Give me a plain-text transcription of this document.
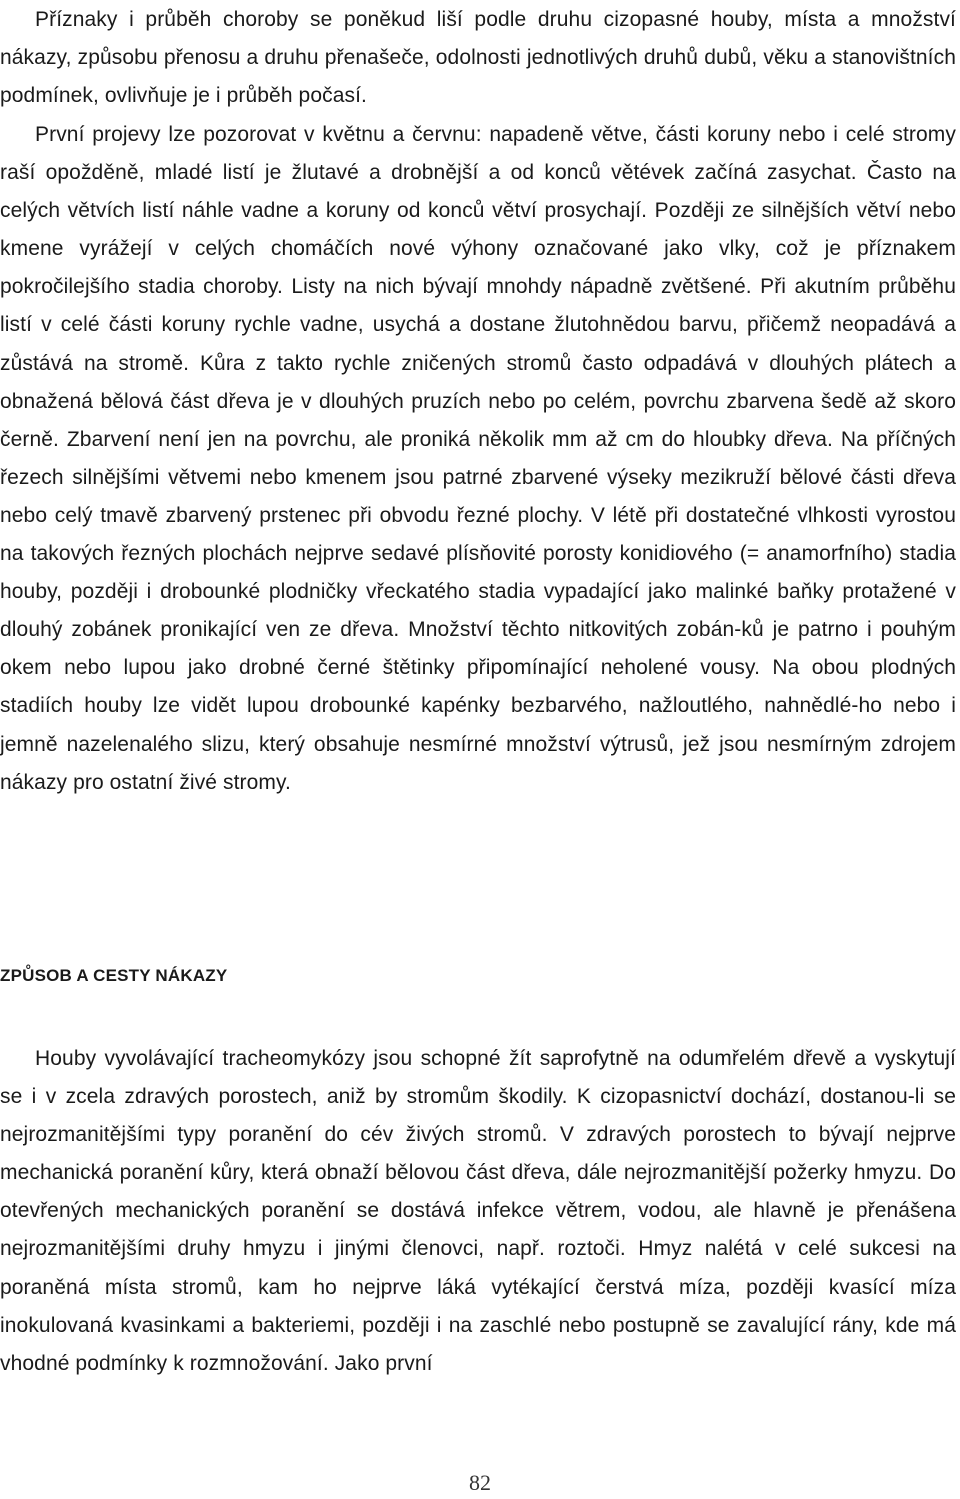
Příznaky i průběh choroby se poněkud liší podle druhu cizopasné houby, místa a množství nákazy, způsobu přenosu a druhu přenašeče, odolnosti jednotlivých druhů dubů, věku a stanovištních podmínek, ovlivňuje je i průběh počasí.

První projevy lze pozorovat v květnu a červnu: napadeně větve, části koruny nebo i celé stromy raší opožděně, mladé listí je žlutavé a drobnější a od konců větévek začíná zasychat. Často na celých větvích listí náhle vadne a koruny od konců větví prosychají. Později ze silnějších větví nebo kmene vyrážejí v celých chomáčích nové výhony označované jako vlky, což je příznakem pokročilejšího stadia choroby. Listy na nich bývají mnohdy nápadně zvětšené. Při akutním průběhu listí v celé části koruny rychle vadne, usychá a dostane žlutohnědou barvu, přičemž neopadává a zůstává na stromě. Kůra z takto rychle zničených stromů často odpadává v dlouhých plátech a obnažená bělová část dřeva je v dlouhých pruzích nebo po celém, povrchu zbarvena šedě až skoro černě. Zbarvení není jen na povrchu, ale proniká několik mm až cm do hloubky dřeva. Na příčných řezech silnějšími větvemi nebo kmenem jsou patrné zbarvené výseky mezikruží bělové části dřeva nebo celý tmavě zbarvený prstenec při obvodu řezné plochy. V létě při dostatečné vlhkosti vyrostou na takových řezných plochách nejprve sedavé plísňovité porosty konidiového (= anamorfního) stadia houby, později i drobounké plodničky vřeckatého stadia vypadající jako malinké baňky protažené v dlouhý zobánek pronikající ven ze dřeva. Množství těchto nitkovitých zobán-ků je patrno i pouhým okem nebo lupou jako drobné černé štětinky připomínající neholené vousy. Na obou plodných stadiích houby lze vidět lupou drobounké kapénky bezbarvého, nažloutlého, nahnědlé-ho nebo i jemně nazelenalého slizu, který obsahuje nesmírné množství výtrusů, jež jsou nesmírným zdrojem nákazy pro ostatní živé stromy.

ZPŮSOB A CESTY NÁKAZY

Houby vyvolávající tracheomykózy jsou schopné žít saprofytně na odumřelém dřevě a vyskytují se i v zcela zdravých porostech, aniž by stromům škodily. K cizopasnictví dochází, dostanou-li se nejrozmanitějšími typy poranění do cév živých stromů. V zdravých porostech to bývají nejprve mechanická poranění kůry, která obnaží bělovou část dřeva, dále nejrozmanitější požerky hmyzu. Do otevřených mechanických poranění se dostává infekce větrem, vodou, ale hlavně je přenášena nejrozmanitějšími druhy hmyzu i jinými členovci, např. roztoči. Hmyz nalétá v celé sukcesi na poraněná místa stromů, kam ho nejprve láká vytékající čerstvá míza, později kvasící míza inokulovaná kvasinkami a bakteriemi, později i na zaschlé nebo postupně se zavalující rány, kde má vhodné podmínky k rozmnožování. Jako první

82
